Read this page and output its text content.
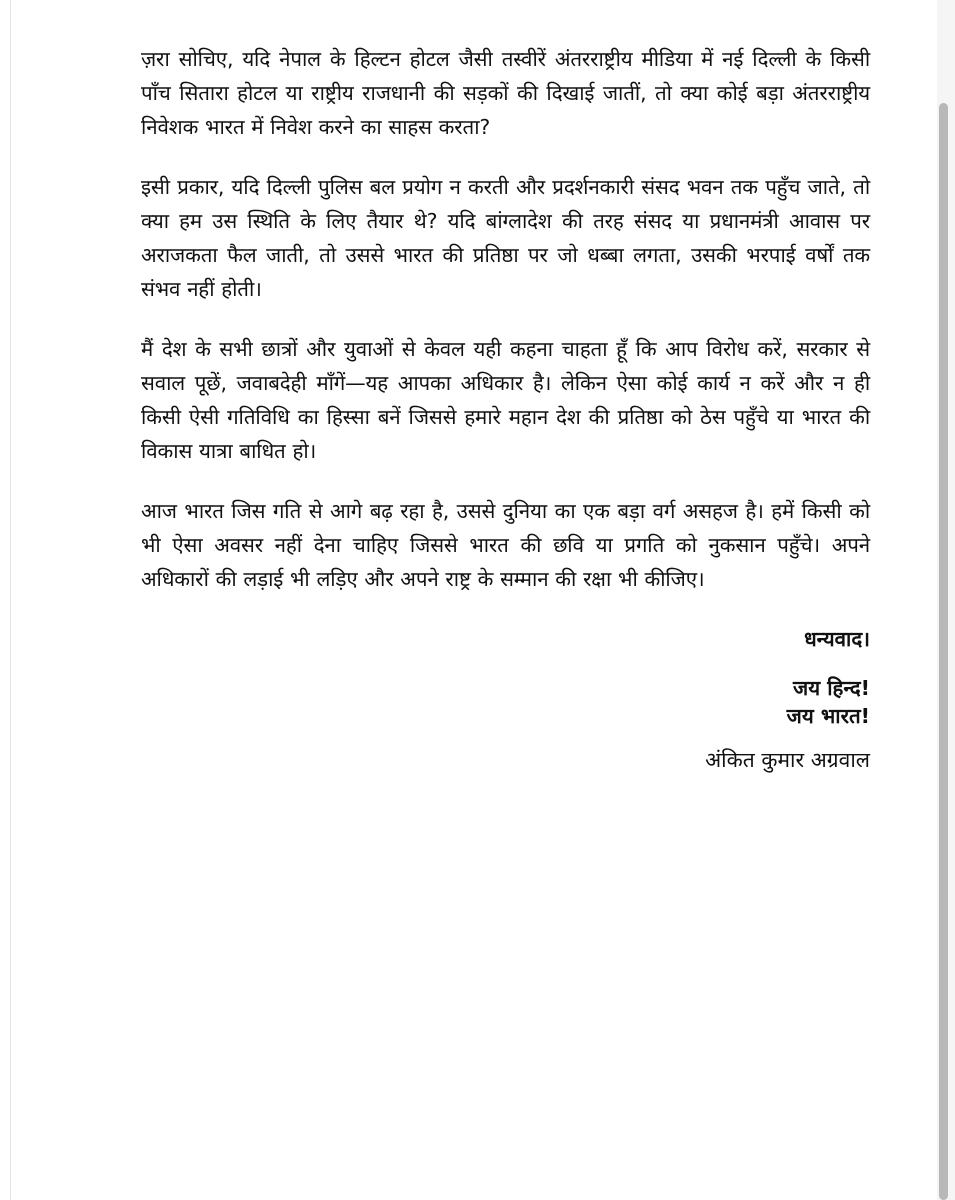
ज़रा सोचिए, यदि नेपाल के हिल्टन होटल जैसी तस्वीरें अंतरराष्ट्रीय मीडिया में नई दिल्ली के किसी पाँच सितारा होटल या राष्ट्रीय राजधानी की सड़कों की दिखाई जातीं, तो क्या कोई बड़ा अंतरराष्ट्रीय निवेशक भारत में निवेश करने का साहस करता?

इसी प्रकार, यदि दिल्ली पुलिस बल प्रयोग न करती और प्रदर्शनकारी संसद भवन तक पहुँच जाते, तो क्या हम उस स्थिति के लिए तैयार थे? यदि बांग्लादेश की तरह संसद या प्रधानमंत्री आवास पर अराजकता फैल जाती, तो उससे भारत की प्रतिष्ठा पर जो धब्बा लगता, उसकी भरपाई वर्षों तक संभव नहीं होती।

मैं देश के सभी छात्रों और युवाओं से केवल यही कहना चाहता हूँ कि आप विरोध करें, सरकार से सवाल पूछें, जवाबदेही माँगें—यह आपका अधिकार है। लेकिन ऐसा कोई कार्य न करें और न ही किसी ऐसी गतिविधि का हिस्सा बनें जिससे हमारे महान देश की प्रतिष्ठा को ठेस पहुँचे या भारत की विकास यात्रा बाधित हो।

आज भारत जिस गति से आगे बढ़ रहा है, उससे दुनिया का एक बड़ा वर्ग असहज है। हमें किसी को भी ऐसा अवसर नहीं देना चाहिए जिससे भारत की छवि या प्रगति को नुकसान पहुँचे। अपने अधिकारों की लड़ाई भी लड़िए और अपने राष्ट्र के सम्मान की रक्षा भी कीजिए।

धन्यवाद।
जय हिन्द!
जय भारत!
अंकित कुमार अग्रवाल
